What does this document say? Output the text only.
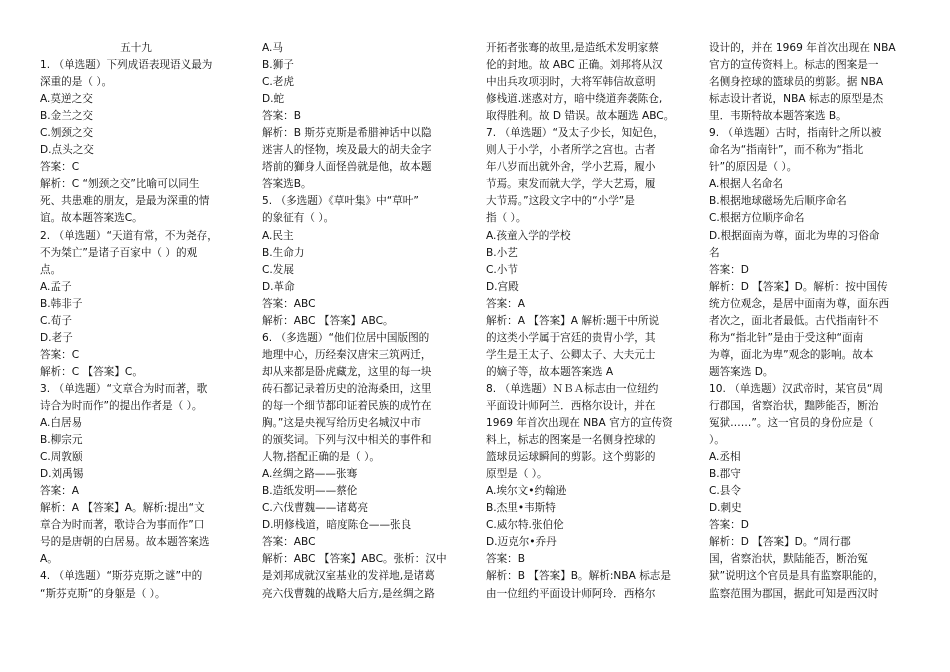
五十九

1. （单选题）下列成语表现语义最为

深重的是（ ）。

A.莫逆之交

B.金兰之交

C.刎颈之交

D.点头之交

答案：C

解析：C “刎颈之交”比喻可以同生

死、共患难的朋友，是最为深重的情

谊。故本题答案选C。

2. （单选题）“天道有常，不为尧存，

不为桀亡”是诸子百家中（ ）的观

点。

A.孟子

B.韩非子

C.荀子

D.老子

答案：C

解析：C 【答案】C。

3. （单选题）“文章合为时而著，歌

诗合为时而作”的提出作者是（ ）。

A.白居易

B.柳宗元

C.周敦颐

D.刘禹锡

答案：A

解析：A 【答案】A。解析:提出“文

章合为时而著，歌诗合为事而作”口

号的是唐朝的白居易。故本题答案选

A。

4. （单选题）“斯芬克斯之谜”中的

“斯芬克斯”的身躯是（ ）。

A.马

B.狮子

C.老虎

D.蛇

答案：B

解析：B 斯芬克斯是希腊神话中以隐

迷害人的怪物，埃及最大的胡夫金字

塔前的獅身人面怪兽就是他，故本题

答案选B。

5. （多选题）《草叶集》中“草叶”

的象征有（ ）。

A.民主

B.生命力

C.发展

D.革命

答案：ABC

解析：ABC 【答案】ABC。

6. （多选题）“他们位居中国版图的

地理中心，历经秦汉唐宋三筑两迁，

却从来都是卧虎藏龙，这里的每一块

砖石都记录着历史的沧海桑田，这里

的每一个细节都印证着民族的成竹在

胸。”这是央视写给历史名城汉中市

的颁奖词。下列与汉中相关的事件和

人物,搭配正确的是（ ）。

A.丝绸之路——张骞

B.造纸发明——蔡伦

C.六伐曹魏——诸葛亮

D.明修栈道，暗度陈仓——张良

答案：ABC

解析：ABC 【答案】ABC。张析：汉中

是刘邦成就汉室基业的发祥地,是诸葛

亮六伐曹魏的战略大后方,是丝绸之路

开拓者张骞的故里,是造纸术发明家蔡

伦的封地。故 ABC 正确。刘邦将从汉

中出兵攻项羽时，大将军韩信故意明

修栈道.迷惑对方，暗中绕道奔袭陈仓,

取得胜利。故 D 错误。故本题选 ABC。

7. （单选题）“及太子少长，知妃色，

则人于小学，小者所学之宫也。古者

年八岁而出就外舍，学小艺焉，履小

节焉。束发而就大学，学大艺焉，履

大节焉。”这段文字中的“小学”是

指（ ）。

A.孩童入学的学校

B.小艺

C.小节

D.宫殿

答案：A

解析：A 【答案】A 解析:题干中所说

的这类小学属于宫廷的贵胄小学，其

学生是王太子、公卿太子、大夫元士

的嫡子等，故本题答案选 A

8. （单选题）ＮＢＡ标志由一位纽约

平面设计师阿兰．西格尔设计，并在

1969 年首次出现在 NBA 官方的宣传资

料上，标志的图案是一名侧身控球的

篮球员运球瞬间的剪影。这个剪影的

原型是（ ）。

A.埃尔文•约翰逊

B.杰里•韦斯特

C.威尔特.张伯伦

D.迈克尔•乔丹

答案：B

解析：B 【答案】B。解析:NBA 标志是

由一位纽约平面设计师阿玲．西格尔

设计的，并在 1969 年首次出现在 NBA

官方的宣传资料上。标志的图案是一

名侧身控球的篮球员的剪影。据 NBA

标志设计者说，NBA 标志的原型是杰

里．韦斯特故本题答案选 B。

9. （单选题）古时，指南针之所以被

命名为“指南针”，而不称为“指北

针”的原因是（ ）。

A.根据人名命名

B.根据地球磁场先后顺序命名

C.根据方位顺序命名

D.根据面南为尊，面北为卑的习俗命

名

答案：D

解析：D 【答案】D。解析：按中国传

统方位观念，是居中面南为尊，面东西

者次之，面北者最低。古代指南针不

称为“指北针”是由于受这种“面南

为尊，面北为卑”观念的影响。故本

题答案选 D。

10. （单选题）汉武帝时，某官员“周

行郡国，省察治状，黜陟能否，断治

冤狱……”。这一官员的身份应是（

）。

A.丞相

B.郡守

C.县令

D.刺史

答案：D

解析：D 【答案】D。“周行郡

国，省察治状，默陆能否，断治冤

狱”说明这个官员是具有监察职能的，

监察范围为郡国，据此可知是西汉时
